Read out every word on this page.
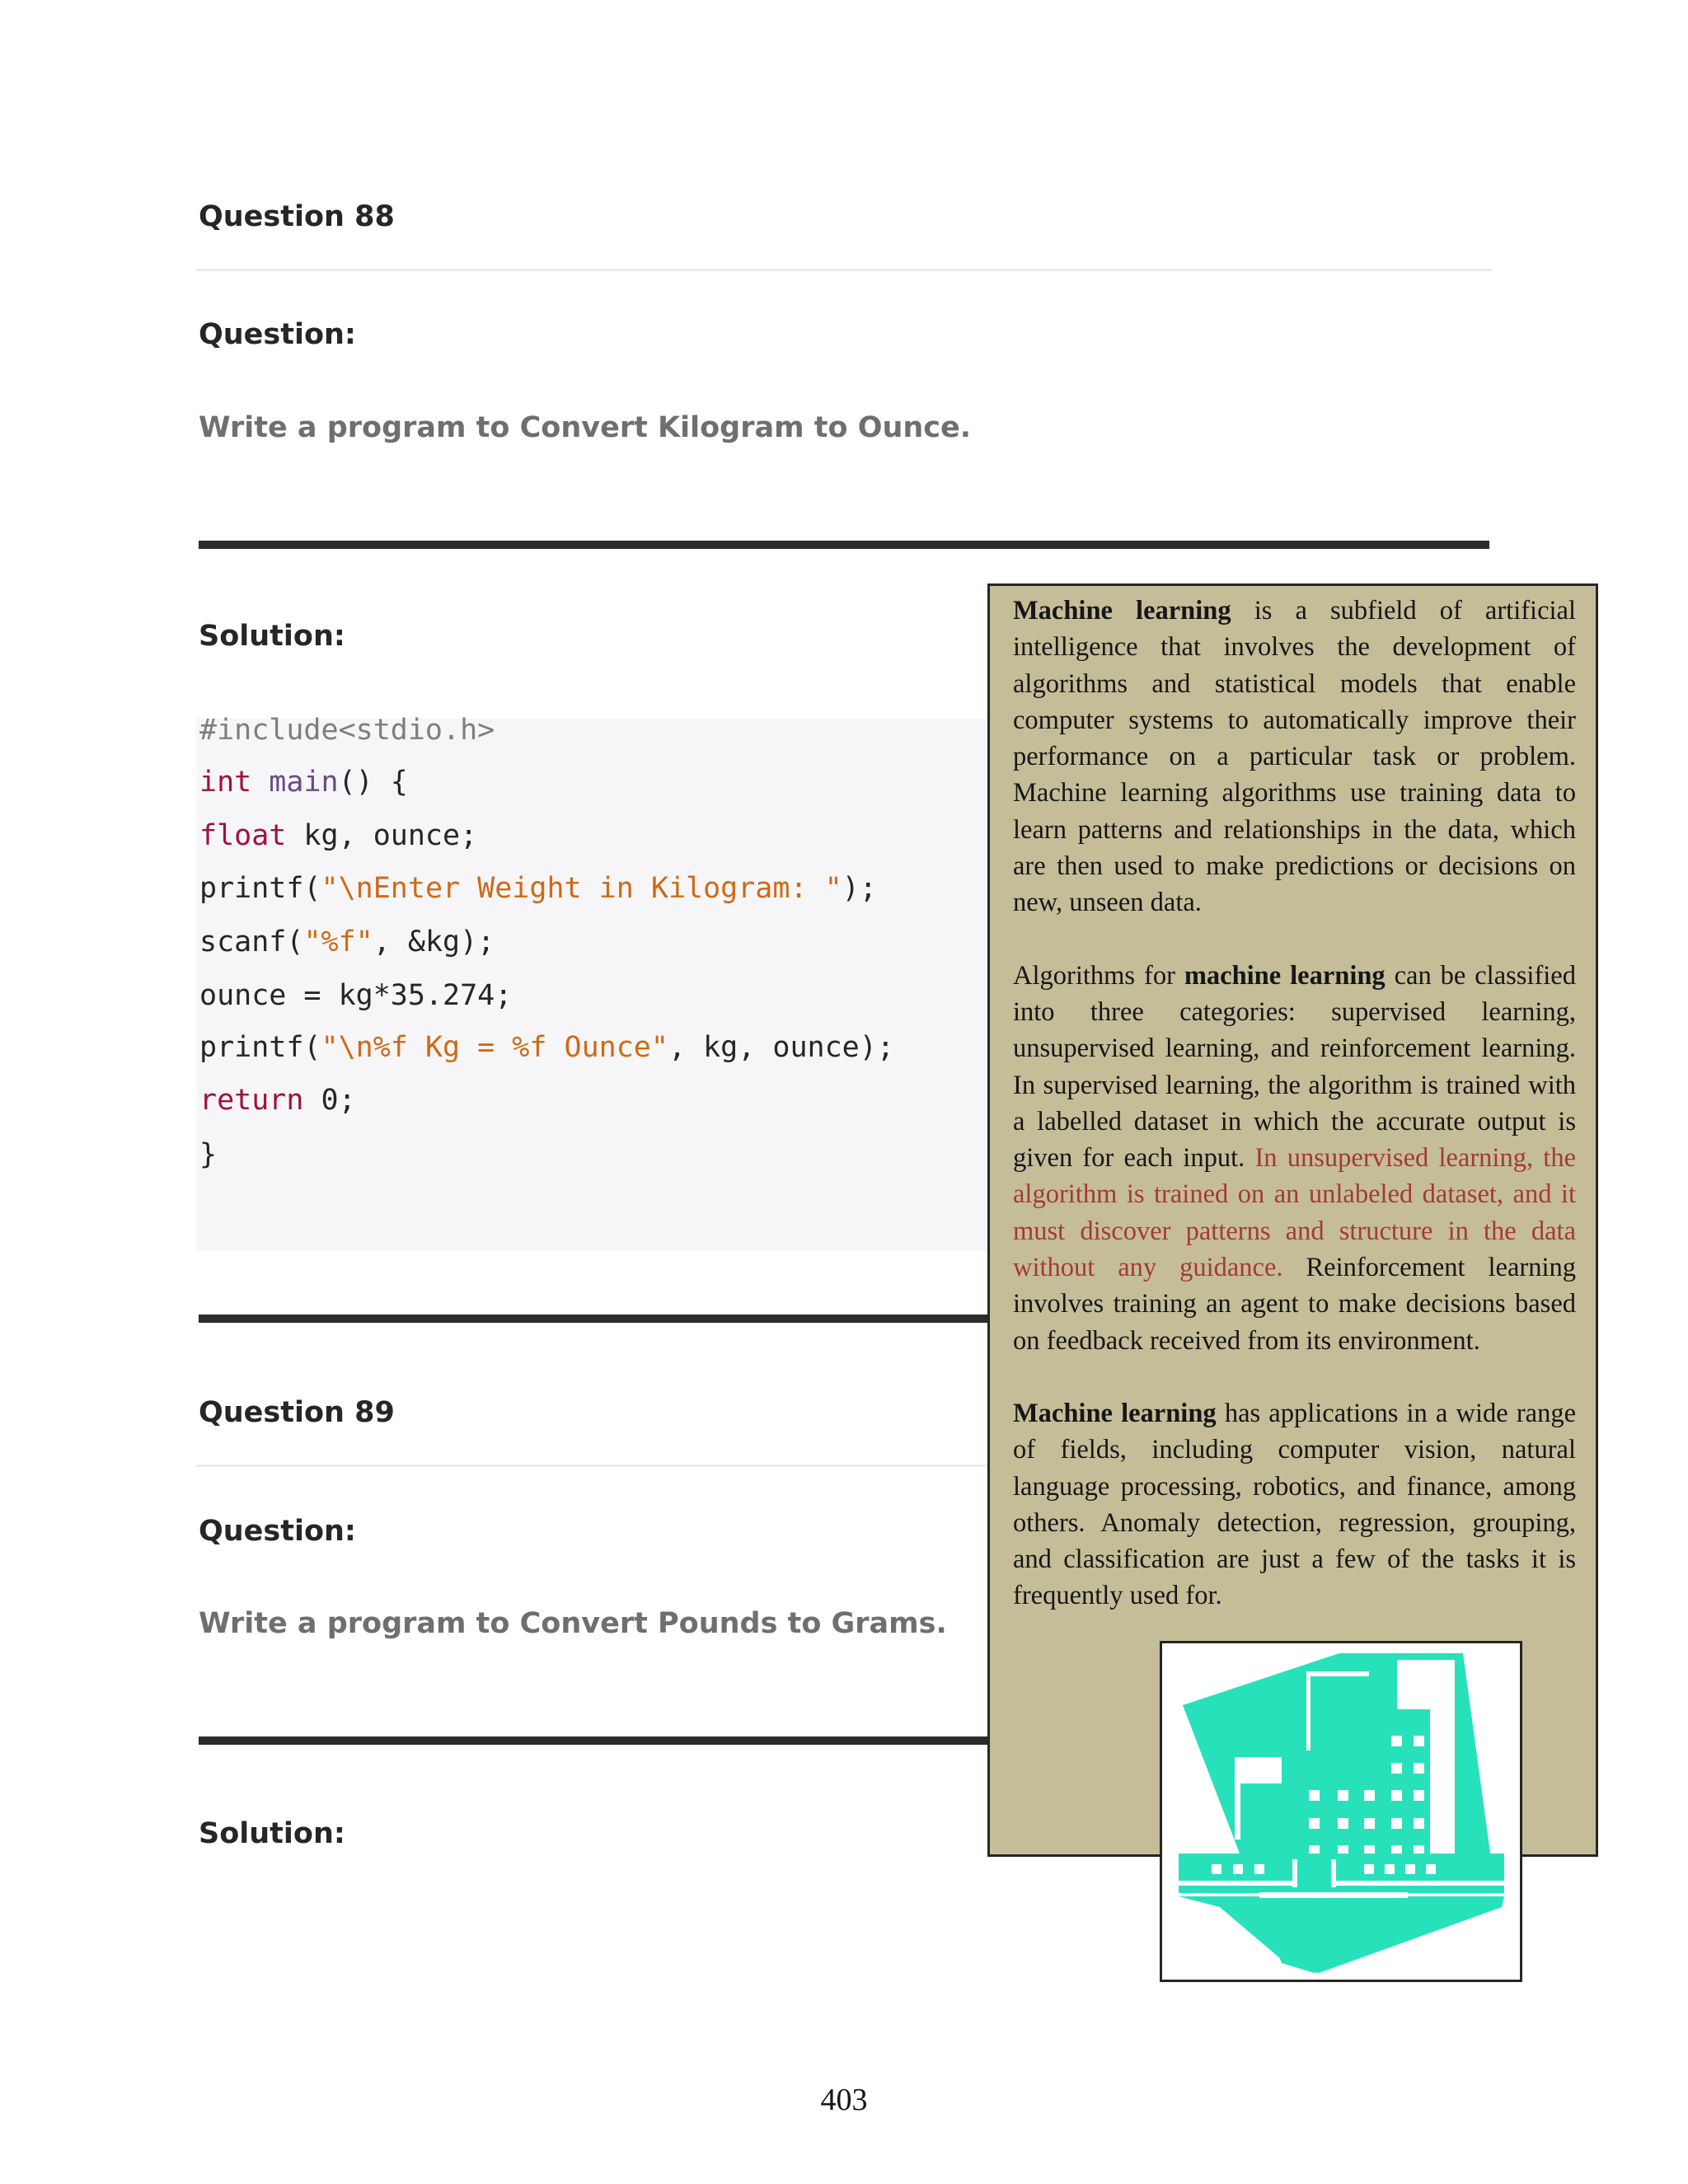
Question 88
Question:
Write a program to Convert Kilogram to Ounce.
Solution:
#include<stdio.h>
int main() {
float kg, ounce;
printf("\nEnter Weight in Kilogram: ");
scanf("%f", &kg);
ounce = kg*35.274;
printf("\n%f Kg = %f Ounce", kg, ounce);
return 0;
}
Question 89
Question:
Write a program to Convert Pounds to Grams.
Solution:

Machine learning is a subfield of artificial intelligence that involves the development of algorithms and statistical models that enable computer systems to automatically improve their performance on a particular task or problem. Machine learning algorithms use training data to learn patterns and relationships in the data, which are then used to make predictions or decisions on new, unseen data.

Algorithms for machine learning can be classified into three categories: supervised learning, unsupervised learning, and reinforcement learning. In supervised learning, the algorithm is trained with a labelled dataset in which the accurate output is given for each input. In unsupervised learning, the algorithm is trained on an unlabeled dataset, and it must discover patterns and structure in the data without any guidance. Reinforcement learning involves training an agent to make decisions based on feedback received from its environment.

Machine learning has applications in a wide range of fields, including computer vision, natural language processing, robotics, and finance, among others. Anomaly detection, regression, grouping, and classification are just a few of the tasks it is frequently used for.

403
